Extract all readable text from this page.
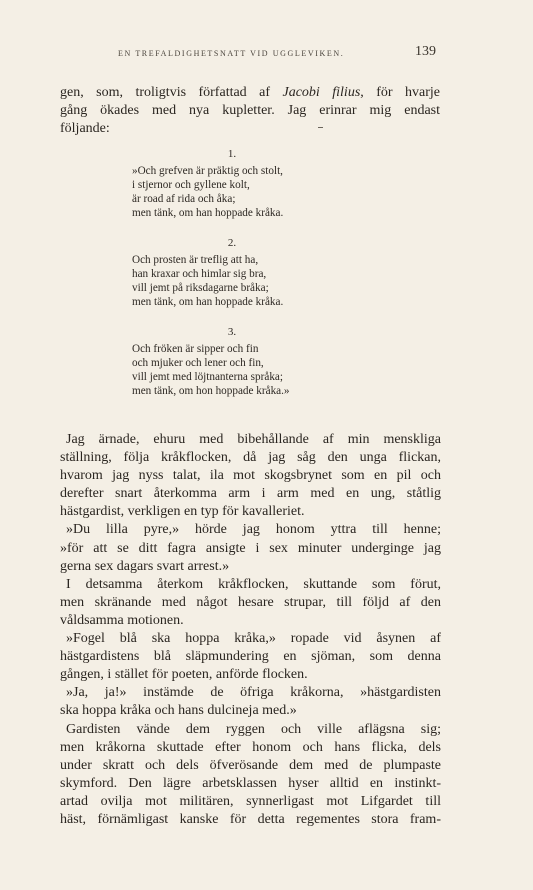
EN TREFALDIGHETSNATT VID UGGLEVIKEN.	139
gen, som, troligtvis författad af Jacobi filius, för hvarje
gång ökades med nya kupletter. Jag erinrar mig endast
följande:
1.
»Och grefven är präktig och stolt,
i stjernor och gyllene kolt,
är road af rida och åka;
men tänk, om han hoppade kråka.
2.
Och prosten är treflig att ha,
han kraxar och himlar sig bra,
vill jemt på riksdagarne bråka;
men tänk, om han hoppade kråka.
3.
Och fröken är sipper och fin
och mjuker och lener och fin,
vill jemt med löjtnanterna språka;
men tänk, om hon hoppade kråka.»
Jag ärnade, ehuru med bibehållande af min menskliga
ställning, följa kråkflocken, då jag såg den unga flickan,
hvarom jag nyss talat, ila mot skogsbrynet som en pil och
derefter snart återkomma arm i arm med en ung, ståtlig
hästgardist, verkligen en typ för kavalleriet.
»Du lilla pyre,» hörde jag honom yttra till henne;
»för att se ditt fagra ansigte i sex minuter underginge jag
gerna sex dagars svart arrest.»
I detsamma återkom kråkflocken, skuttande som förut,
men skränande med något hesare strupar, till följd af den
våldsamma motionen.
»Fogel blå ska hoppa kråka,» ropade vid åsynen af
hästgardistens blå släpmundering en sjöman, som denna
gången, i stället för poeten, anförde flocken.
»Ja, ja!» instämde de öfriga kråkorna, »hästgardisten
ska hoppa kråka och hans dulcineja med.»
Gardisten vände dem ryggen och ville aflägsna sig;
men kråkorna skuttade efter honom och hans flicka, dels
under skratt och dels öfverösande dem med de plumpaste
skymford. Den lägre arbetsklassen hyser alltid en instinkt-
artad ovilja mot militären, synnerligast mot Lifgardet till
häst, förnämligast kanske för detta regementes stora fram-
